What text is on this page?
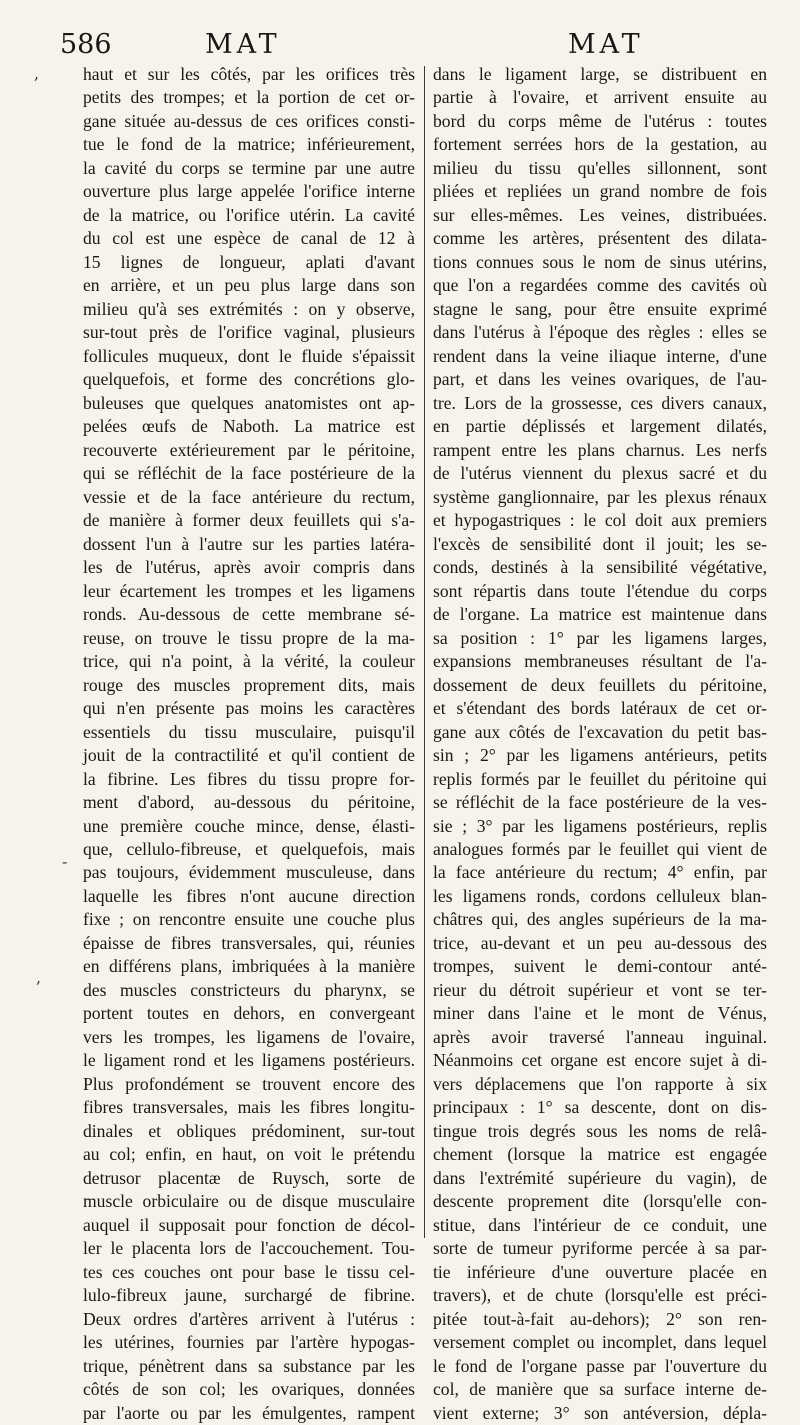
586	MAT	MAT
haut et sur les côtés, par les orifices très
petits des trompes; et la portion de cet or-
gane située au-dessus de ces orifices consti-
tue le fond de la matrice; inférieurement,
la cavité du corps se termine par une autre
ouverture plus large appelée l'orifice interne
de la matrice, ou l'orifice utérin. La cavité
du col est une espèce de canal de 12 à
15 lignes de longueur, aplati d'avant
en arrière, et un peu plus large dans son
milieu qu'à ses extrémités : on y observe,
sur-tout près de l'orifice vaginal, plusieurs
follicules muqueux, dont le fluide s'épaissit
quelquefois, et forme des concrétions glo-
buleuses que quelques anatomistes ont ap-
pelées œufs de Naboth. La matrice est
recouverte extérieurement par le péritoine,
qui se réfléchit de la face postérieure de la
vessie et de la face antérieure du rectum,
de manière à former deux feuillets qui s'a-
dossent l'un à l'autre sur les parties latéra-
les de l'utérus, après avoir compris dans
leur écartement les trompes et les ligamens
ronds. Au-dessous de cette membrane sé-
reuse, on trouve le tissu propre de la ma-
trice, qui n'a point, à la vérité, la couleur
rouge des muscles proprement dits, mais
qui n'en présente pas moins les caractères
essentiels du tissu musculaire, puisqu'il
jouit de la contractilité et qu'il contient de
la fibrine. Les fibres du tissu propre for-
ment d'abord, au-dessous du péritoine,
une première couche mince, dense, élasti-
que, cellulo-fibreuse, et quelquefois, mais
pas toujours, évidemment musculeuse, dans
laquelle les fibres n'ont aucune direction
fixe ; on rencontre ensuite une couche plus
épaisse de fibres transversales, qui, réunies
en différens plans, imbriquées à la manière
des muscles constricteurs du pharynx, se
portent toutes en dehors, en convergeant
vers les trompes, les ligamens de l'ovaire,
le ligament rond et les ligamens postérieurs.
Plus profondément se trouvent encore des
fibres transversales, mais les fibres longitu-
dinales et obliques prédominent, sur-tout
au col; enfin, en haut, on voit le prétendu
detrusor placentæ de Ruysch, sorte de
muscle orbiculaire ou de disque musculaire
auquel il supposait pour fonction de décol-
ler le placenta lors de l'accouchement. Tou-
tes ces couches ont pour base le tissu cel-
lulo-fibreux jaune, surchargé de fibrine.
Deux ordres d'artères arrivent à l'utérus :
les utérines, fournies par l'artère hypogas-
trique, pénètrent dans sa substance par les
côtés de son col; les ovariques, données
par l'aorte ou par les émulgentes, rampent
dans le ligament large, se distribuent en
partie à l'ovaire, et arrivent ensuite au
bord du corps même de l'utérus : toutes
fortement serrées hors de la gestation, au
milieu du tissu qu'elles sillonnent, sont
pliées et repliées un grand nombre de fois
sur elles-mêmes. Les veines, distribuées.
comme les artères, présentent des dilata-
tions connues sous le nom de sinus utérins,
que l'on a regardées comme des cavités où
stagne le sang, pour être ensuite exprimé
dans l'utérus à l'époque des règles : elles se
rendent dans la veine iliaque interne, d'une
part, et dans les veines ovariques, de l'au-
tre. Lors de la grossesse, ces divers canaux,
en partie déplissés et largement dilatés,
rampent entre les plans charnus. Les nerfs
de l'utérus viennent du plexus sacré et du
système ganglionnaire, par les plexus rénaux
et hypogastriques : le col doit aux premiers
l'excès de sensibilité dont il jouit; les se-
conds, destinés à la sensibilité végétative,
sont répartis dans toute l'étendue du corps
de l'organe. La matrice est maintenue dans
sa position : 1° par les ligamens larges,
expansions membraneuses résultant de l'a-
dossement de deux feuillets du péritoine,
et s'étendant des bords latéraux de cet or-
gane aux côtés de l'excavation du petit bas-
sin ; 2° par les ligamens antérieurs, petits
replis formés par le feuillet du péritoine qui
se réfléchit de la face postérieure de la ves-
sie ; 3° par les ligamens postérieurs, replis
analogues formés par le feuillet qui vient de
la face antérieure du rectum; 4° enfin, par
les ligamens ronds, cordons celluleux blan-
châtres qui, des angles supérieurs de la ma-
trice, au-devant et un peu au-dessous des
trompes, suivent le demi-contour anté-
rieur du détroit supérieur et vont se ter-
miner dans l'aine et le mont de Vénus,
après avoir traversé l'anneau inguinal.
Néanmoins cet organe est encore sujet à di-
vers déplacemens que l'on rapporte à six
principaux : 1° sa descente, dont on dis-
tingue trois degrés sous les noms de relâ-
chement (lorsque la matrice est engagée
dans l'extrémité supérieure du vagin), de
descente proprement dite (lorsqu'elle con-
stitue, dans l'intérieur de ce conduit, une
sorte de tumeur pyriforme percée à sa par-
tie inférieure d'une ouverture placée en
travers), et de chute (lorsqu'elle est préci-
pitée tout-à-fait au-dehors); 2° son ren-
versement complet ou incomplet, dans lequel
le fond de l'organe passe par l'ouverture du
col, de manière que sa surface interne de-
vient externe; 3° son antéversion, dépla-
,
-
,
